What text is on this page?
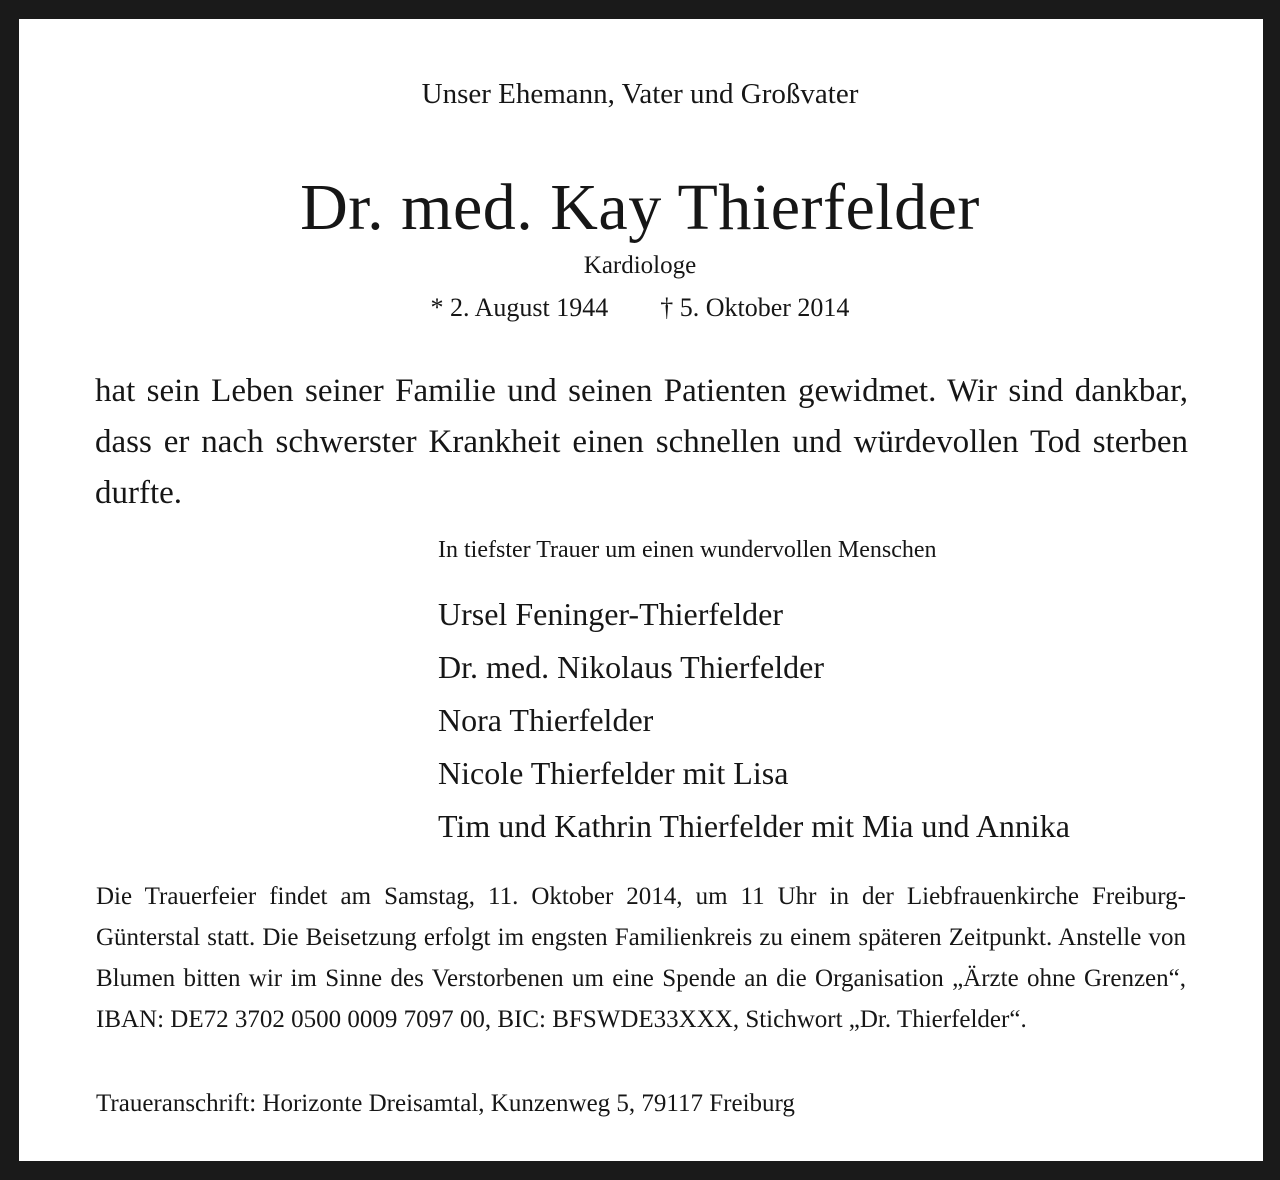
Unser Ehemann, Vater und Großvater

Dr. med. Kay Thierfelder

Kardiologe

* 2. August 1944 † 5. Oktober 2014

hat sein Leben seiner Familie und seinen Patienten gewidmet. Wir sind dankbar, dass er nach schwerster Krankheit einen schnellen und würdevollen Tod sterben durfte.

In tiefster Trauer um einen wundervollen Menschen

Ursel Feninger-Thierfelder
Dr. med. Nikolaus Thierfelder
Nora Thierfelder
Nicole Thierfelder mit Lisa
Tim und Kathrin Thierfelder mit Mia und Annika

Die Trauerfeier findet am Samstag, 11. Oktober 2014, um 11 Uhr in der Liebfrauenkirche Freiburg-Günterstal statt. Die Beisetzung erfolgt im engsten Familienkreis zu einem späteren Zeitpunkt. Anstelle von Blumen bitten wir im Sinne des Verstorbenen um eine Spende an die Organisation „Ärzte ohne Grenzen“, IBAN: DE72 3702 0500 0009 7097 00, BIC: BFSWDE33XXX, Stichwort „Dr. Thierfelder“.

Traueranschrift: Horizonte Dreisamtal, Kunzenweg 5, 79117 Freiburg
